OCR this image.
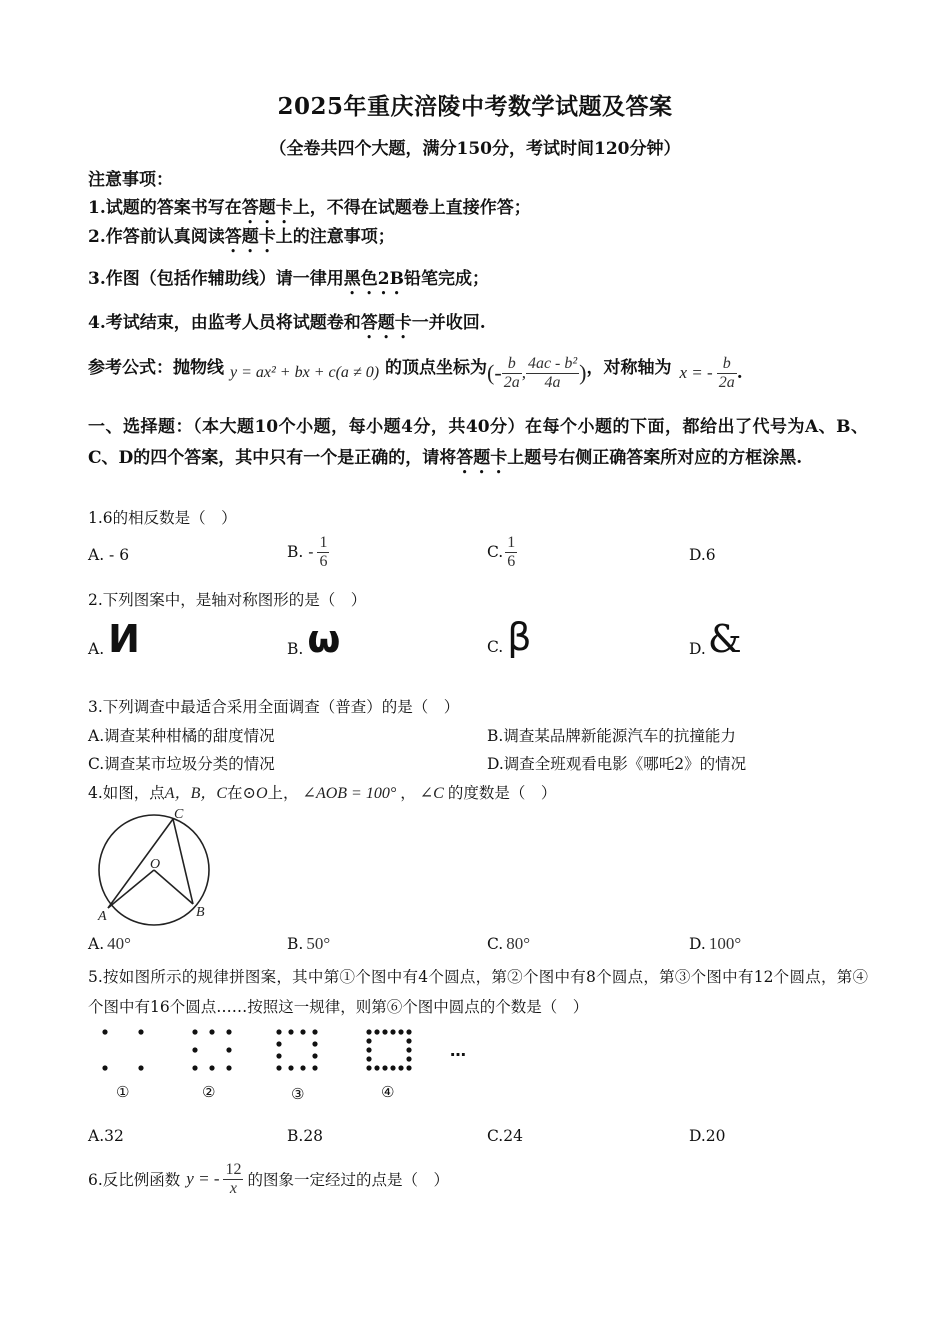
2025年重庆涪陵中考数学试题及答案
（全卷共四个大题，满分150分，考试时间120分钟）
注意事项：
1.试题的答案书写在答题卡上，不得在试题卷上直接作答；
2.作答前认真阅读答题卡上的注意事项；
3.作图（包括作辅助线）请一律用黑色2B铅笔完成；
4.考试结束，由监考人员将试题卷和答题卡一并收回.
参考公式：抛物线 y = ax² + bx + c(a ≠ 0) 的顶点坐标为 (- $\frac{b}{2a}$ , $\frac{\text{4ac - b²}}{4a}$ ) ，对称轴为 x = - $\frac{b}{2a}$ .
一、选择题：（本大题10个小题，每小题4分，共40分）在每个小题的下面，都给出了代号为A、B、C、D的四个答案，其中只有一个是正确的，请将答题卡上题号右侧正确答案所对应的方框涂黑.
1.6的相反数是（　）
A. - 6	B. - $\frac{1}{6}$	C. $\frac{1}{6}$	D.6
2.下列图案中，是轴对称图形的是（　）
A. И	B. ω	C. β	D. &
3.下列调查中最适合采用全面调查（普查）的是（　）
A.调查某种柑橘的甜度情况	B.调查某品牌新能源汽车的抗撞能力
C.调查某市垃圾分类的情况	D.调查全班观看电影《哪吒2》的情况
4.如图，点A，B，C在⊙O上， ∠AOB = 100° ， ∠C 的度数是（　）
C
O
A	B
A. 40°	B. 50°	C. 80°	D. 100°
5.按如图所示的规律拼图案，其中第①个图中有4个圆点，第②个图中有8个圆点，第③个图中有12个圆点，第④个图中有16个圆点……按照这一规律，则第⑥个图中圆点的个数是（　）
…
①	②	③	④
A.32	B.28	C.24	D.20
6.反比例函数 y = - $\frac{12}{x}$ 的图象一定经过的点是（　）
